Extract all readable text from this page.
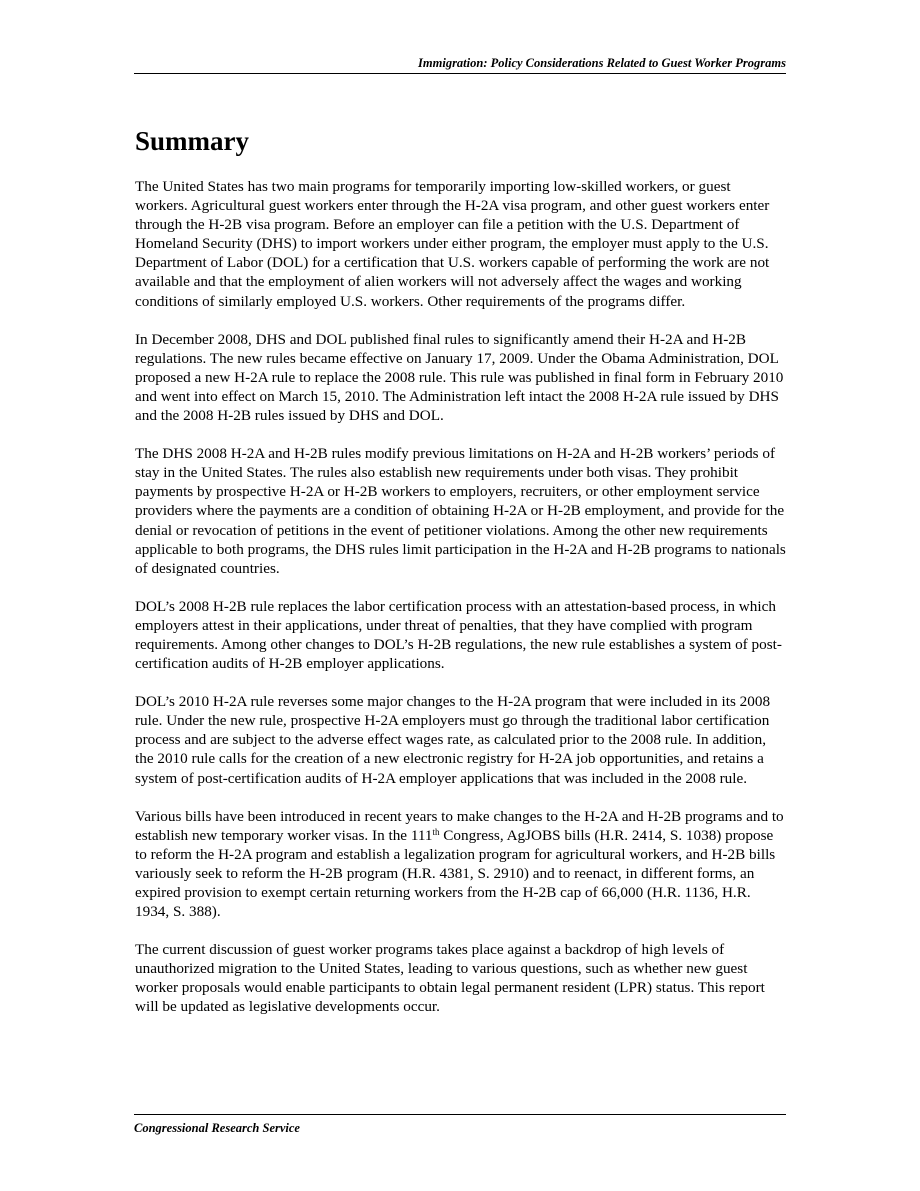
Immigration: Policy Considerations Related to Guest Worker Programs
Summary

The United States has two main programs for temporarily importing low-skilled workers, or guest workers. Agricultural guest workers enter through the H-2A visa program, and other guest workers enter through the H-2B visa program. Before an employer can file a petition with the U.S. Department of Homeland Security (DHS) to import workers under either program, the employer must apply to the U.S. Department of Labor (DOL) for a certification that U.S. workers capable of performing the work are not available and that the employment of alien workers will not adversely affect the wages and working conditions of similarly employed U.S. workers. Other requirements of the programs differ.

In December 2008, DHS and DOL published final rules to significantly amend their H-2A and H-2B regulations. The new rules became effective on January 17, 2009. Under the Obama Administration, DOL proposed a new H-2A rule to replace the 2008 rule. This rule was published in final form in February 2010 and went into effect on March 15, 2010. The Administration left intact the 2008 H-2A rule issued by DHS and the 2008 H-2B rules issued by DHS and DOL.

The DHS 2008 H-2A and H-2B rules modify previous limitations on H-2A and H-2B workers’ periods of stay in the United States. The rules also establish new requirements under both visas. They prohibit payments by prospective H-2A or H-2B workers to employers, recruiters, or other employment service providers where the payments are a condition of obtaining H-2A or H-2B employment, and provide for the denial or revocation of petitions in the event of petitioner violations. Among the other new requirements applicable to both programs, the DHS rules limit participation in the H-2A and H-2B programs to nationals of designated countries.

DOL’s 2008 H-2B rule replaces the labor certification process with an attestation-based process, in which employers attest in their applications, under threat of penalties, that they have complied with program requirements. Among other changes to DOL’s H-2B regulations, the new rule establishes a system of post-certification audits of H-2B employer applications.

DOL’s 2010 H-2A rule reverses some major changes to the H-2A program that were included in its 2008 rule. Under the new rule, prospective H-2A employers must go through the traditional labor certification process and are subject to the adverse effect wages rate, as calculated prior to the 2008 rule. In addition, the 2010 rule calls for the creation of a new electronic registry for H-2A job opportunities, and retains a system of post-certification audits of H-2A employer applications that was included in the 2008 rule.

Various bills have been introduced in recent years to make changes to the H-2A and H-2B programs and to establish new temporary worker visas. In the 111th Congress, AgJOBS bills (H.R. 2414, S. 1038) propose to reform the H-2A program and establish a legalization program for agricultural workers, and H-2B bills variously seek to reform the H-2B program (H.R. 4381, S. 2910) and to reenact, in different forms, an expired provision to exempt certain returning workers from the H-2B cap of 66,000 (H.R. 1136, H.R. 1934, S. 388).

The current discussion of guest worker programs takes place against a backdrop of high levels of unauthorized migration to the United States, leading to various questions, such as whether new guest worker proposals would enable participants to obtain legal permanent resident (LPR) status. This report will be updated as legislative developments occur.

Congressional Research Service
